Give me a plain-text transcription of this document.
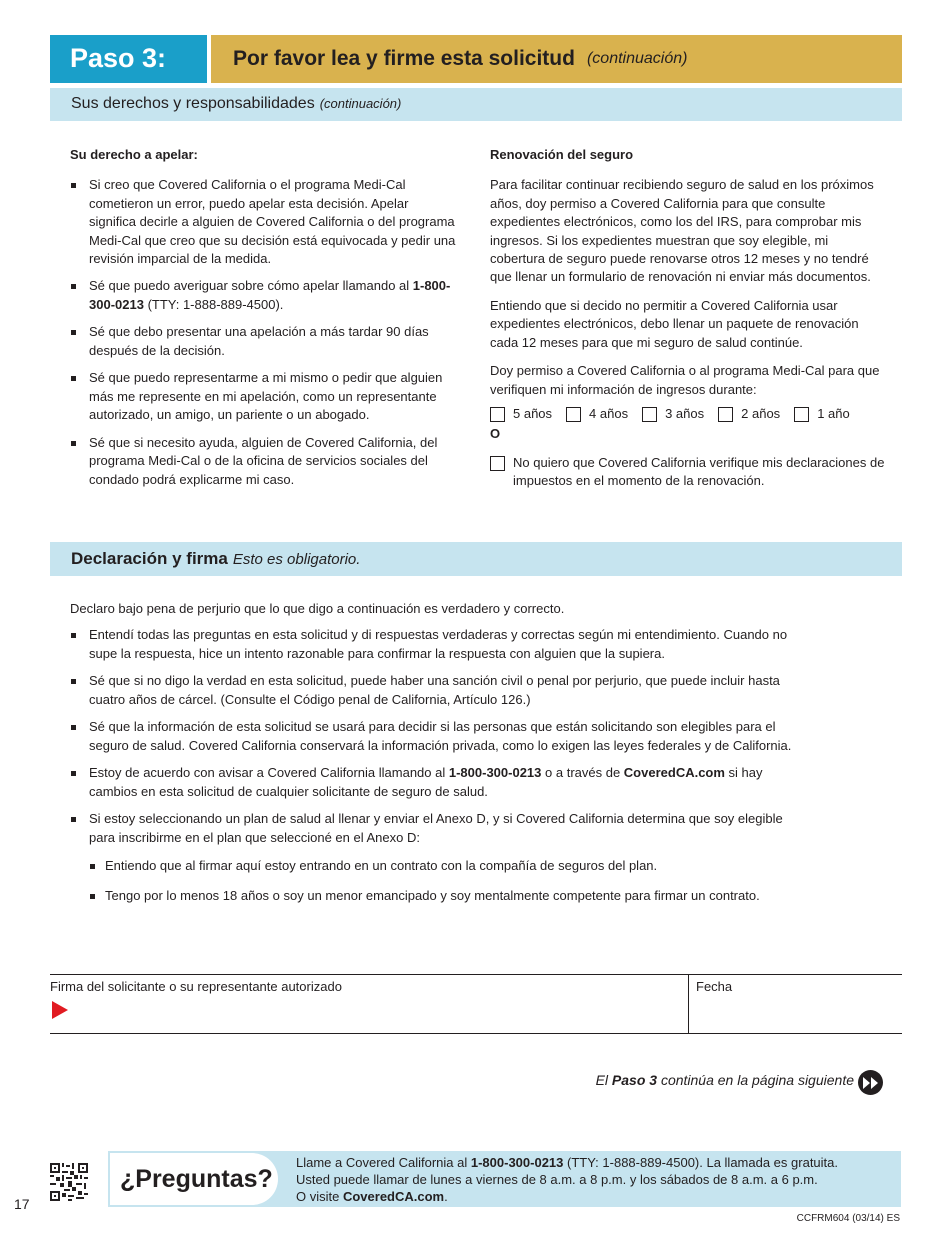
Paso 3:	Por favor lea y firme esta solicitud (continuación)
Sus derechos y responsabilidades (continuación)
Su derecho a apelar:
Si creo que Covered California o el programa Medi-Cal cometieron un error, puedo apelar esta decisión. Apelar significa decirle a alguien de Covered California o del programa Medi-Cal que creo que su decisión está equivocada y pedir una revisión imparcial de la medida.
Sé que puedo averiguar sobre cómo apelar llamando al 1-800-300-0213 (TTY: 1-888-889-4500).
Sé que debo presentar una apelación a más tardar 90 días después de la decisión.
Sé que puedo representarme a mi mismo o pedir que alguien más me represente en mi apelación, como un representante autorizado, un amigo, un pariente o un abogado.
Sé que si necesito ayuda, alguien de Covered California, del programa Medi-Cal o de la oficina de servicios sociales del condado podrá explicarme mi caso.
Renovación del seguro

Para facilitar continuar recibiendo seguro de salud en los próximos años, doy permiso a Covered California para que consulte expedientes electrónicos, como los del IRS, para comprobar mis ingresos. Si los expedientes muestran que soy elegible, mi cobertura de seguro puede renovarse otros 12 meses y no tendré que llenar un formulario de renovación ni enviar más documentos.

Entiendo que si decido no permitir a Covered California usar expedientes electrónicos, debo llenar un paquete de renovación cada 12 meses para que mi seguro de salud continúe.

Doy permiso a Covered California o al programa Medi-Cal para que verifiquen mi información de ingresos durante:

5 años	4 años	3 años	2 años	1 año
O
No quiero que Covered California verifique mis declaraciones de impuestos en el momento de la renovación.
Declaración y firma Esto es obligatorio.

Declaro bajo pena de perjurio que lo que digo a continuación es verdadero y correcto.

Entendí todas las preguntas en esta solicitud y di respuestas verdaderas y correctas según mi entendimiento. Cuando no supe la respuesta, hice un intento razonable para confirmar la respuesta con alguien que la supiera.
Sé que si no digo la verdad en esta solicitud, puede haber una sanción civil o penal por perjurio, que puede incluir hasta cuatro años de cárcel. (Consulte el Código penal de California, Artículo 126.)
Sé que la información de esta solicitud se usará para decidir si las personas que están solicitando son elegibles para el seguro de salud. Covered California conservará la información privada, como lo exigen las leyes federales y de California.
Estoy de acuerdo con avisar a Covered California llamando al 1-800-300-0213 o a través de CoveredCA.com si hay cambios en esta solicitud de cualquier solicitante de seguro de salud.
Si estoy seleccionando un plan de salud al llenar y enviar el Anexo D, y si Covered California determina que soy elegible para inscribirme en el plan que seleccioné en el Anexo D:
Entiendo que al firmar aquí estoy entrando en un contrato con la compañía de seguros del plan.
Tengo por lo menos 18 años o soy un menor emancipado y soy mentalmente competente para firmar un contrato.
Firma del solicitante o su representante autorizado	Fecha
El Paso 3 continúa en la página siguiente
17
¿Preguntas?
Llame a Covered California al 1-800-300-0213 (TTY: 1-888-889-4500). La llamada es gratuita.
Usted puede llamar de lunes a viernes de 8 a.m. a 8 p.m. y los sábados de 8 a.m. a 6 p.m.
O visite CoveredCA.com.
CCFRM604 (03/14) ES
